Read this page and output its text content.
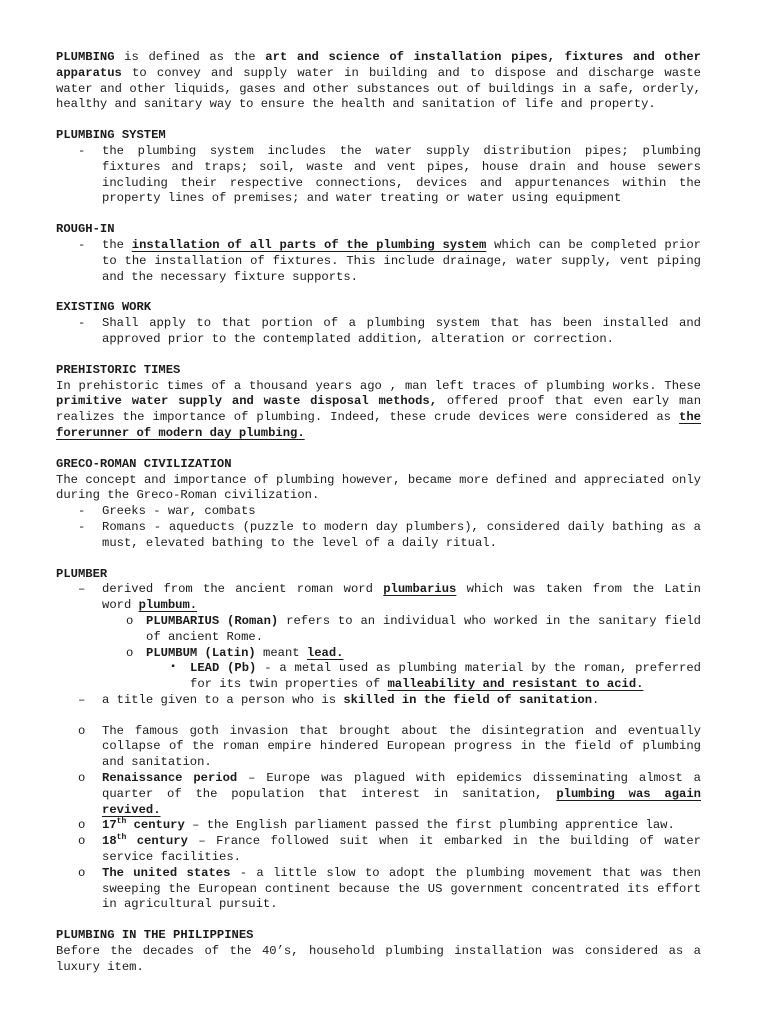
PLUMBING is defined as the art and science of installation pipes, fixtures and other apparatus to convey and supply water in building and to dispose and discharge waste water and other liquids, gases and other substances out of buildings in a safe, orderly, healthy and sanitary way to ensure the health and sanitation of life and property.

PLUMBING SYSTEM
- the plumbing system includes the water supply distribution pipes; plumbing fixtures and traps; soil, waste and vent pipes, house drain and house sewers including their respective connections, devices and appurtenances within the property lines of premises; and water treating or water using equipment
ROUGH-IN
- the installation of all parts of the plumbing system which can be completed prior to the installation of fixtures. This include drainage, water supply, vent piping and the necessary fixture supports.
EXISTING WORK
- Shall apply to that portion of a plumbing system that has been installed and approved prior to the contemplated addition, alteration or correction.
PREHISTORIC TIMES

In prehistoric times of a thousand years ago , man left traces of plumbing works. These primitive water supply and waste disposal methods, offered proof that even early man realizes the importance of plumbing. Indeed, these crude devices were considered as the forerunner of modern day plumbing.

GRECO-ROMAN CIVILIZATION

The concept and importance of plumbing however, became more defined and appreciated only during the Greco-Roman civilization.

- Greeks - war, combats
- Romans - aqueducts (puzzle to modern day plumbers), considered daily bathing as a must, elevated bathing to the level of a daily ritual.
PLUMBER
– derived from the ancient roman word plumbarius which was taken from the Latin word plumbum.
o PLUMBARIUS (Roman) refers to an individual who worked in the sanitary field of ancient Rome.
o PLUMBUM (Latin) meant lead.
▪ LEAD (Pb) - a metal used as plumbing material by the roman, preferred for its twin properties of malleability and resistant to acid.
– a title given to a person who is skilled in the field of sanitation.
o The famous goth invasion that brought about the disintegration and eventually collapse of the roman empire hindered European progress in the field of plumbing and sanitation.
o Renaissance period – Europe was plagued with epidemics disseminating almost a quarter of the population that interest in sanitation, plumbing was again revived.
o 17th century – the English parliament passed the first plumbing apprentice law.
o 18th century – France followed suit when it embarked in the building of water service facilities.
o The united states - a little slow to adopt the plumbing movement that was then sweeping the European continent because the US government concentrated its effort in agricultural pursuit.
PLUMBING IN THE PHILIPPINES

Before the decades of the 40’s, household plumbing installation was considered as a luxury item.
